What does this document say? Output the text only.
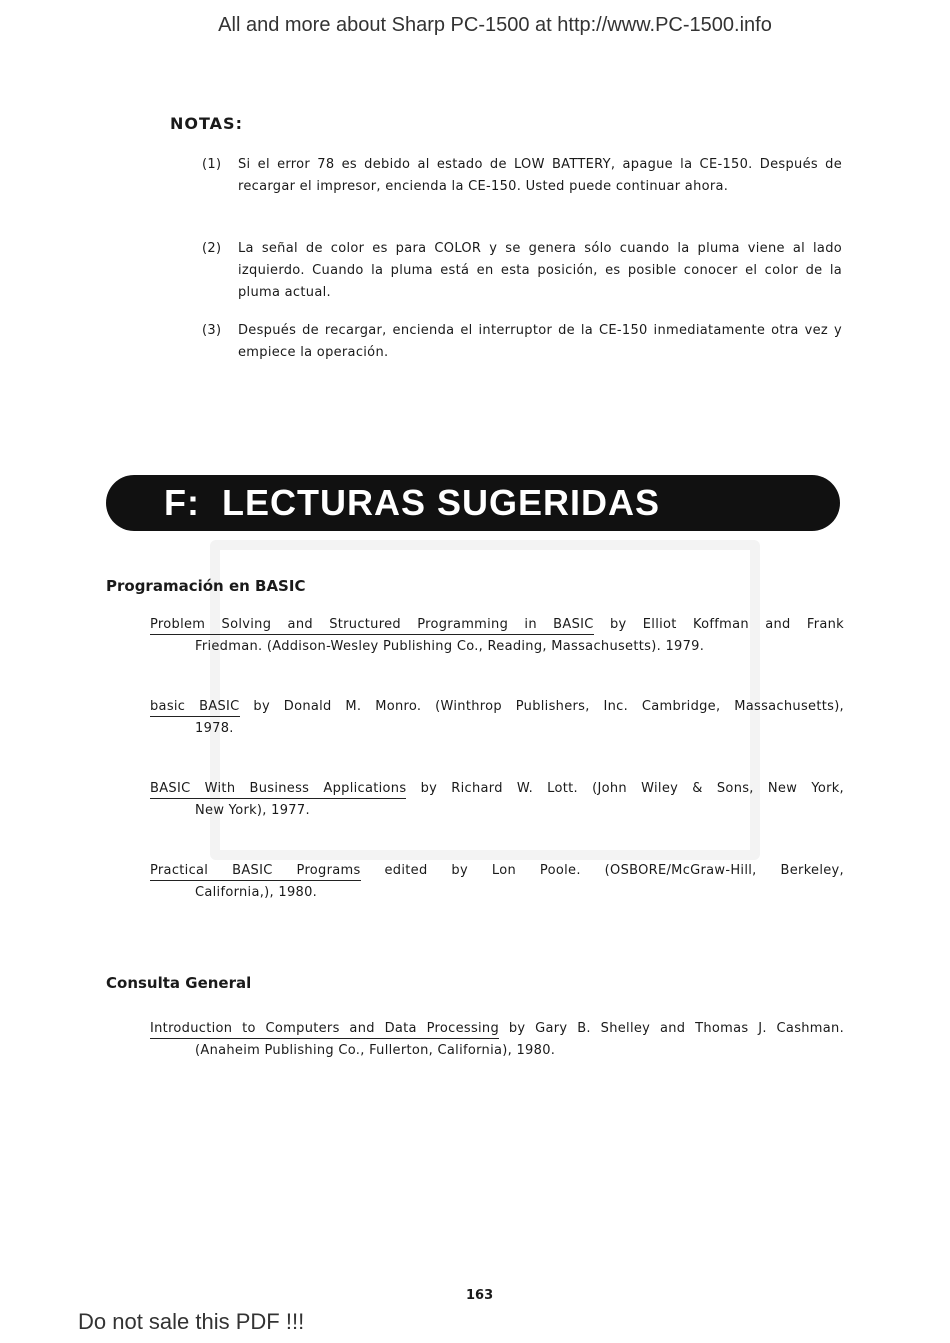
All and more about Sharp PC-1500 at http://www.PC-1500.info
NOTAS:
(1) Si el error 78 es debido al estado de LOW BATTERY, apague la CE-150. Después de recargar el impresor, encienda la CE-150. Usted puede continuar ahora.
(2) La señal de color es para COLOR y se genera sólo cuando la pluma viene al lado izquierdo. Cuando la pluma está en esta posición, es posible conocer el color de la pluma actual.
(3) Después de recargar, encienda el interruptor de la CE-150 inmediatamente otra vez y empiece la operación.
F: LECTURAS SUGERIDAS
Programación en BASIC
Problem Solving and Structured Programming in BASIC by Elliot Koffman and Frank
Friedman. (Addison-Wesley Publishing Co., Reading, Massachusetts). 1979.
basic BASIC by Donald M. Monro. (Winthrop Publishers, Inc. Cambridge, Massachusetts),
1978.
BASIC With Business Applications by Richard W. Lott. (John Wiley & Sons, New York,
New York), 1977.
Practical BASIC Programs edited by Lon Poole. (OSBORE/McGraw-Hill, Berkeley,
California,), 1980.
Consulta General
Introduction to Computers and Data Processing by Gary B. Shelley and Thomas J. Cashman.
(Anaheim Publishing Co., Fullerton, California), 1980.
163
Do not sale this PDF !!!
